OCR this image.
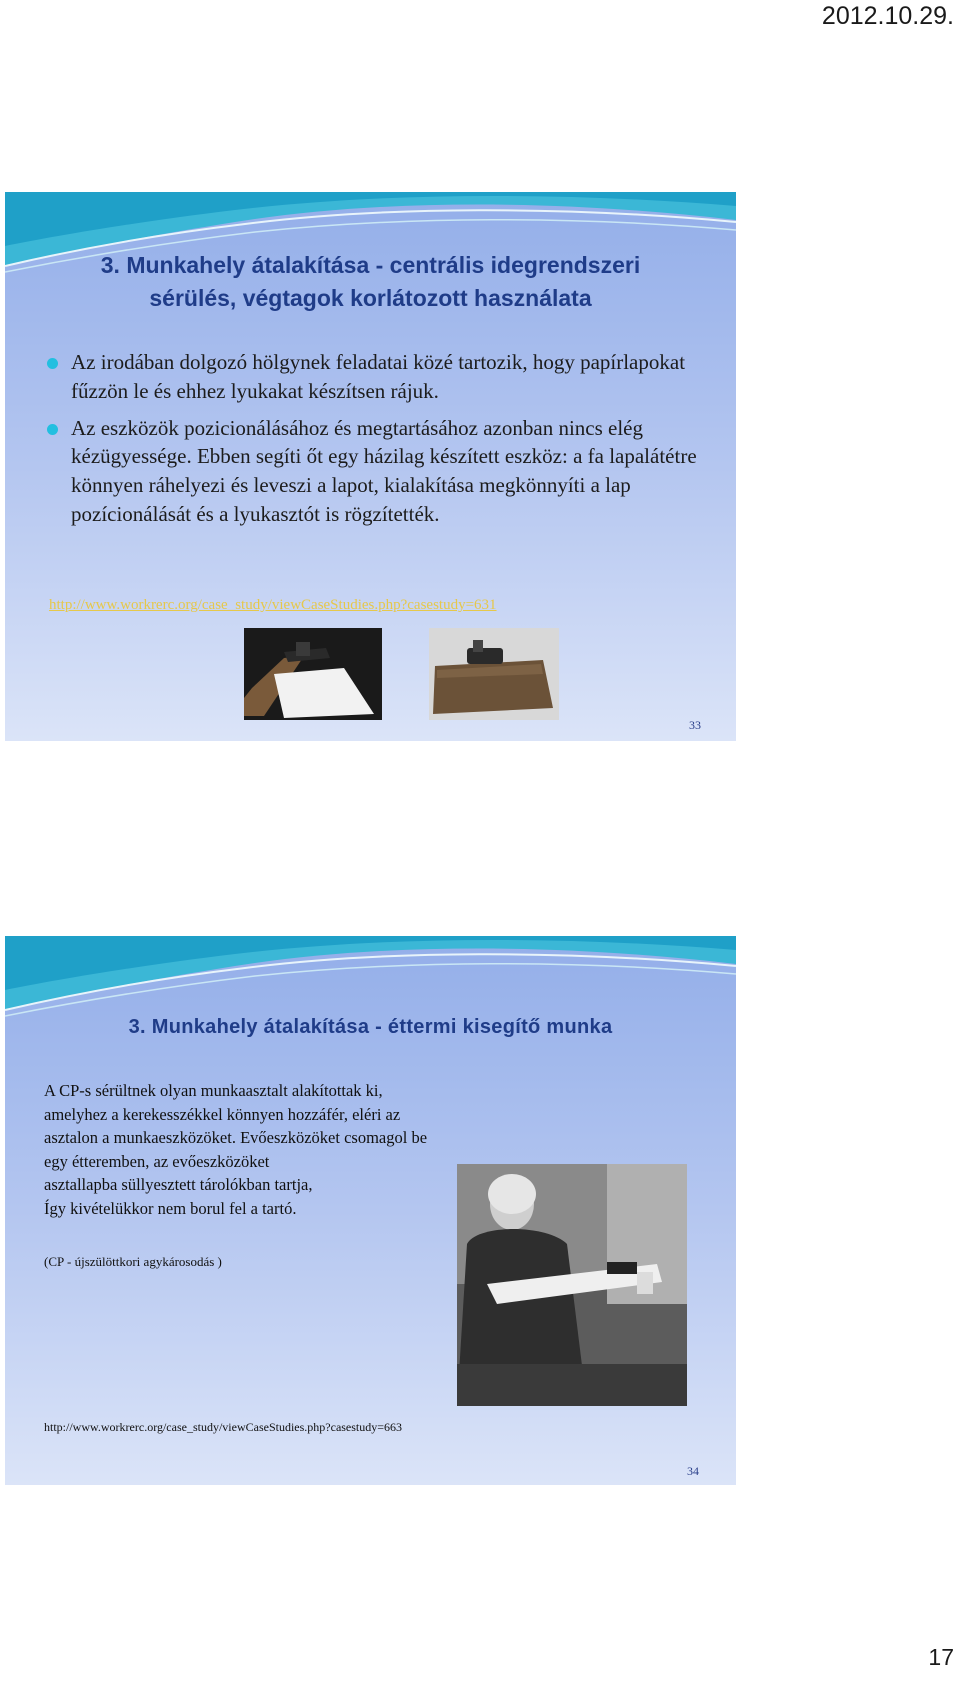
2012.10.29.
3. Munkahely átalakítása - centrális idegrendszeri
sérülés, végtagok korlátozott használata
Az irodában dolgozó hölgynek feladatai közé tartozik, hogy papírlapokat fűzzön le és ehhez lyukakat készítsen rájuk.
Az eszközök pozicionálásához és megtartásához azonban nincs elég kézügyessége. Ebben segíti őt egy házilag készített eszköz: a fa lapalátétre könnyen ráhelyezi és leveszi a lapot, kialakítása megkönnyíti a lap pozícionálását és a lyukasztót is rögzítették.
http://www.workrerc.org/case_study/viewCaseStudies.php?casestudy=631
33
3. Munkahely átalakítása - éttermi kisegítő munka
A CP-s sérültnek olyan munkaasztalt alakítottak ki,
amelyhez a kerekesszékkel könnyen hozzáfér, eléri az
asztalon a munkaeszközöket. Evőeszközöket csomagol be
egy étteremben, az evőeszközöket
asztallapba süllyesztett tárolókban tartja,
Így kivételükkor nem borul fel a tartó.
(CP - újszülöttkori agykárosodás )
http://www.workrerc.org/case_study/viewCaseStudies.php?casestudy=663
34
17
